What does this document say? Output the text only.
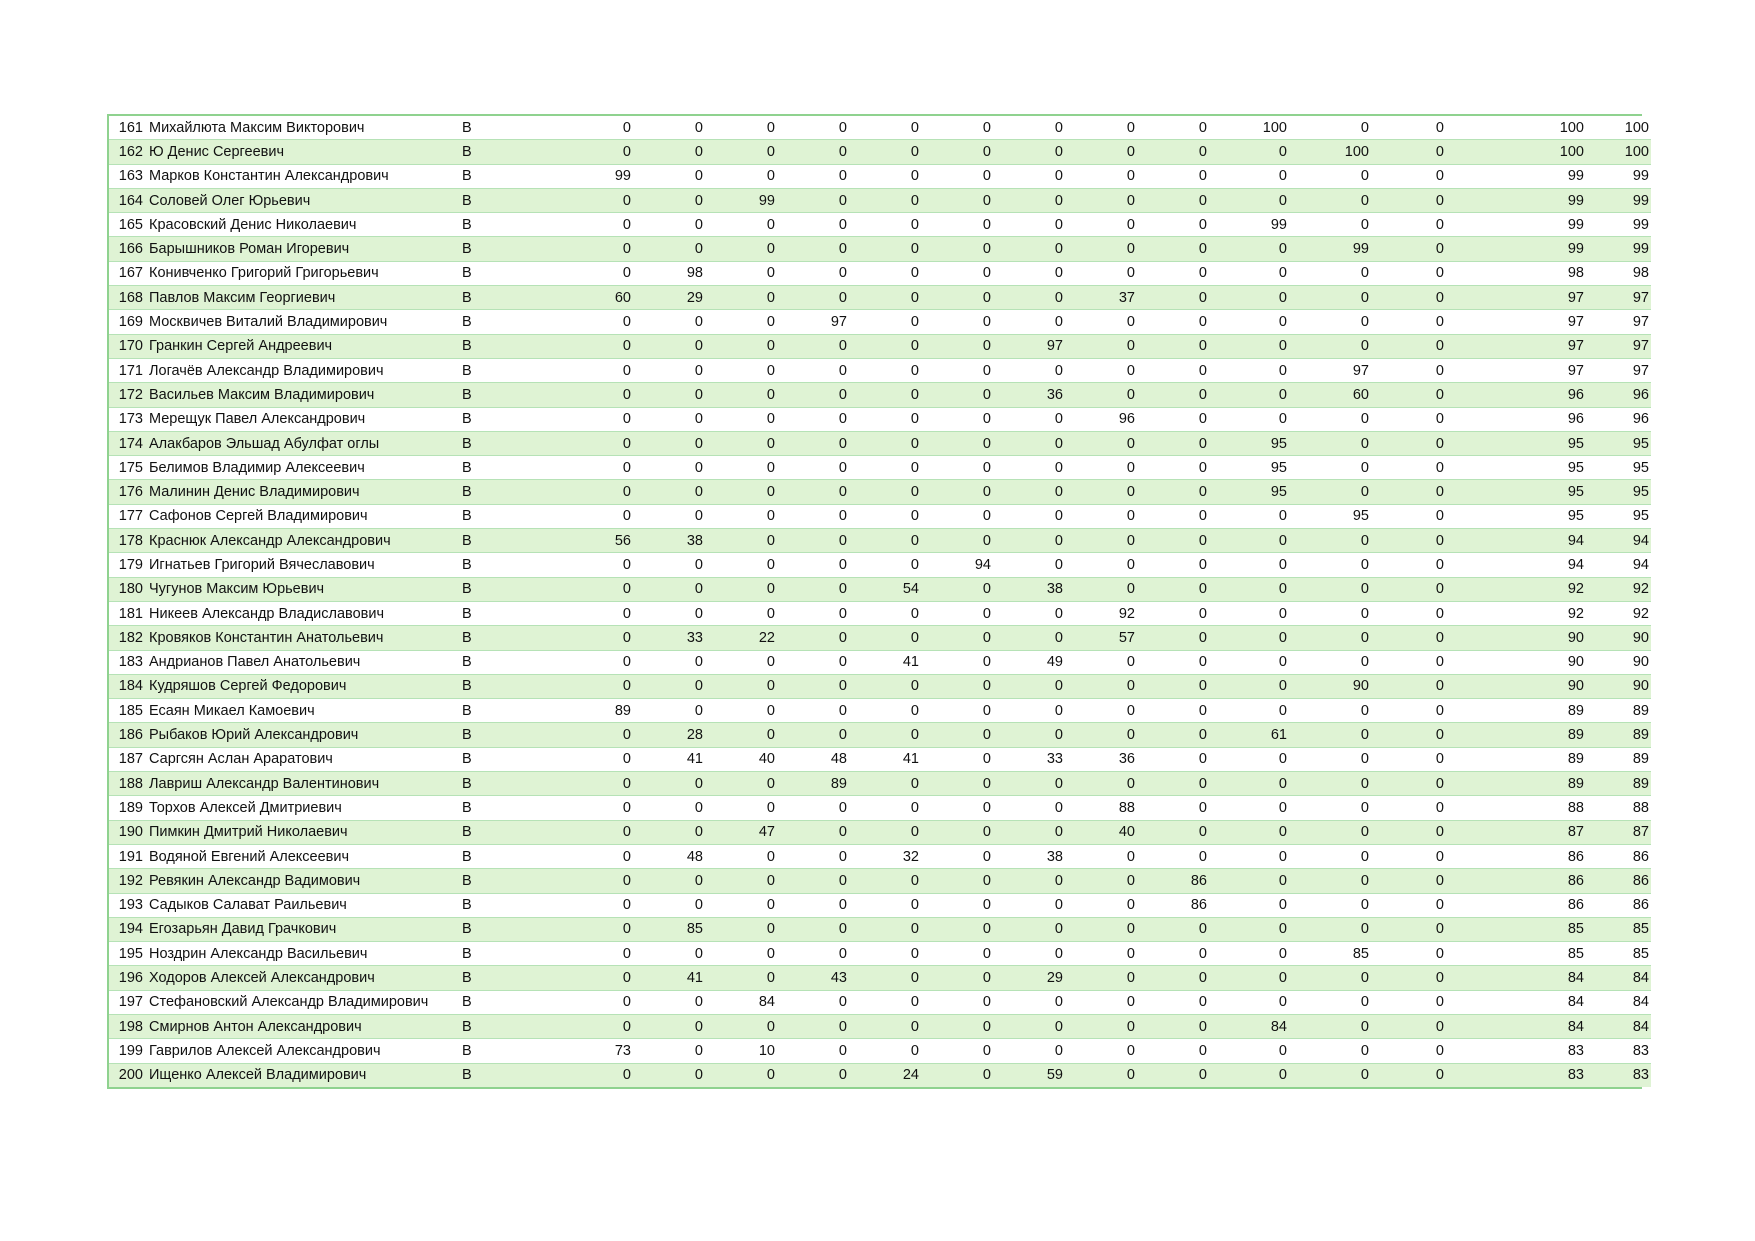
161	Михайлюта Максим Викторович	B	0	0	0	0	0	0	0	0	0	100	0	0	100	100
162	Ю Денис Сергеевич	B	0	0	0	0	0	0	0	0	0	0	100	0	100	100
163	Марков Константин Александрович	B	99	0	0	0	0	0	0	0	0	0	0	0	99	99
164	Соловей Олег Юрьевич	B	0	0	99	0	0	0	0	0	0	0	0	0	99	99
165	Красовский Денис Николаевич	B	0	0	0	0	0	0	0	0	0	99	0	0	99	99
166	Барышников Роман Игоревич	B	0	0	0	0	0	0	0	0	0	0	99	0	99	99
167	Конивченко Григорий Григорьевич	B	0	98	0	0	0	0	0	0	0	0	0	0	98	98
168	Павлов Максим Георгиевич	B	60	29	0	0	0	0	0	37	0	0	0	0	97	97
169	Москвичев Виталий Владимирович	B	0	0	0	97	0	0	0	0	0	0	0	0	97	97
170	Гранкин Сергей Андреевич	B	0	0	0	0	0	0	97	0	0	0	0	0	97	97
171	Логачёв Александр Владимирович	B	0	0	0	0	0	0	0	0	0	0	97	0	97	97
172	Васильев Максим Владимирович	B	0	0	0	0	0	0	36	0	0	0	60	0	96	96
173	Мерещук Павел Александрович	B	0	0	0	0	0	0	0	96	0	0	0	0	96	96
174	Алакбаров Эльшад Абулфат оглы	B	0	0	0	0	0	0	0	0	0	95	0	0	95	95
175	Белимов Владимир Алексеевич	B	0	0	0	0	0	0	0	0	0	95	0	0	95	95
176	Малинин Денис Владимирович	B	0	0	0	0	0	0	0	0	0	95	0	0	95	95
177	Сафонов Сергей Владимирович	B	0	0	0	0	0	0	0	0	0	0	95	0	95	95
178	Краснюк Александр Александрович	B	56	38	0	0	0	0	0	0	0	0	0	0	94	94
179	Игнатьев Григорий Вячеславович	B	0	0	0	0	0	94	0	0	0	0	0	0	94	94
180	Чугунов Максим Юрьевич	B	0	0	0	0	54	0	38	0	0	0	0	0	92	92
181	Никеев Александр Владиславович	B	0	0	0	0	0	0	0	92	0	0	0	0	92	92
182	Кровяков Константин Анатольевич	B	0	33	22	0	0	0	0	57	0	0	0	0	90	90
183	Андрианов Павел Анатольевич	B	0	0	0	0	41	0	49	0	0	0	0	0	90	90
184	Кудряшов Сергей Федорович	B	0	0	0	0	0	0	0	0	0	0	90	0	90	90
185	Есаян Микаел Камоевич	B	89	0	0	0	0	0	0	0	0	0	0	0	89	89
186	Рыбаков Юрий Александрович	B	0	28	0	0	0	0	0	0	0	61	0	0	89	89
187	Саргсян Аслан Араратович	B	0	41	40	48	41	0	33	36	0	0	0	0	89	89
188	Лавриш Александр Валентинович	B	0	0	0	89	0	0	0	0	0	0	0	0	89	89
189	Торхов Алексей Дмитриевич	B	0	0	0	0	0	0	0	88	0	0	0	0	88	88
190	Пимкин Дмитрий Николаевич	B	0	0	47	0	0	0	0	40	0	0	0	0	87	87
191	Водяной Евгений Алексеевич	B	0	48	0	0	32	0	38	0	0	0	0	0	86	86
192	Ревякин Александр Вадимович	B	0	0	0	0	0	0	0	0	86	0	0	0	86	86
193	Садыков Салават Раильевич	B	0	0	0	0	0	0	0	0	86	0	0	0	86	86
194	Егозарьян Давид Грачкович	B	0	85	0	0	0	0	0	0	0	0	0	0	85	85
195	Ноздрин Александр Васильевич	B	0	0	0	0	0	0	0	0	0	0	85	0	85	85
196	Ходоров Алексей Александрович	B	0	41	0	43	0	0	29	0	0	0	0	0	84	84
197	Стефановский Александр Владимирович	B	0	0	84	0	0	0	0	0	0	0	0	0	84	84
198	Смирнов Антон Александрович	B	0	0	0	0	0	0	0	0	0	84	0	0	84	84
199	Гаврилов Алексей Александрович	B	73	0	10	0	0	0	0	0	0	0	0	0	83	83
200	Ищенко Алексей Владимирович	B	0	0	0	0	24	0	59	0	0	0	0	0	83	83
